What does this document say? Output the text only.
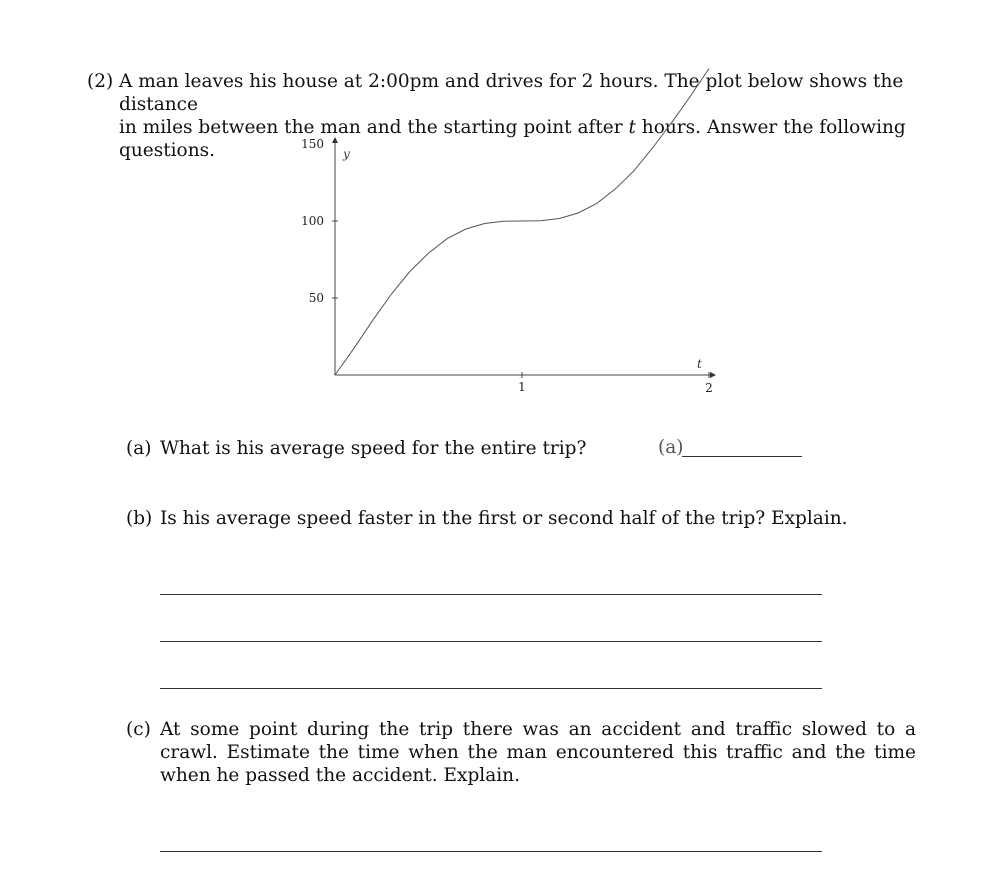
(2) A man leaves his house at 2:00pm and drives for 2 hours. The plot below shows the distance
in miles between the man and the starting point after t hours. Answer the following questions.	150
100
50
1	2
y
t
(a) What is his average speed for the entire trip?	(a)
(b) Is his average speed faster in the first or second half of the trip? Explain.
(c) At some point during the trip there was an accident and traffic slowed to a crawl. Estimate the time when the man encountered this traffic and the time when he passed the accident. Explain.
